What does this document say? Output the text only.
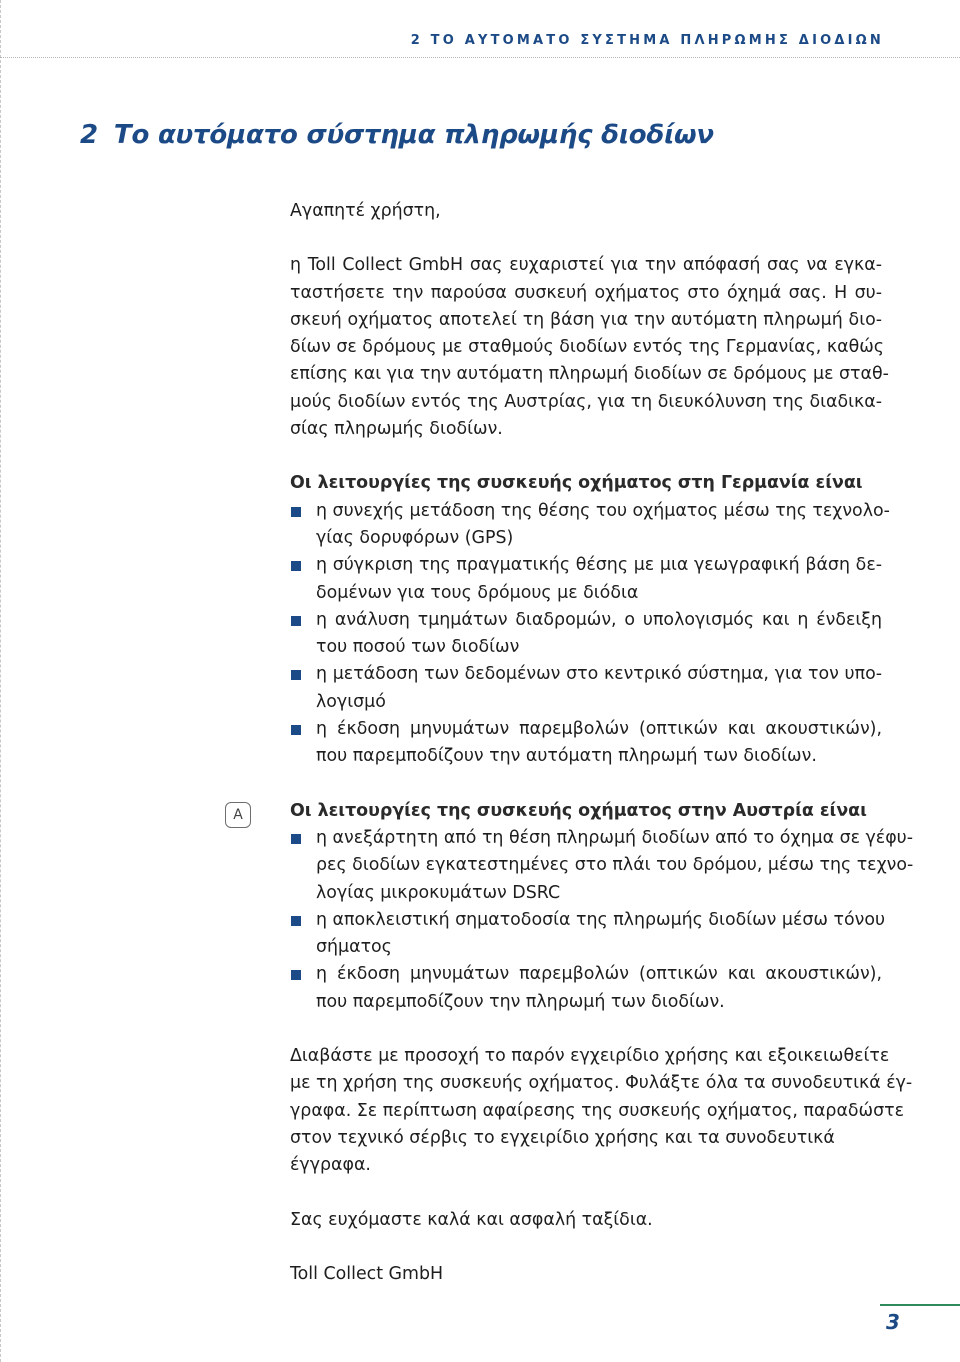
2 ΤΟ ΑΥΤΟΜΑΤΟ ΣΥΣΤΗΜΑ ΠΛΗΡΩΜΗΣ ΔΙΟΔΙΩΝ
2 Το αυτόματο σύστημα πληρωμής διοδίων
A

Αγαπητέ χρήστη,

η Toll Collect GmbH σας ευχαριστεί για την απόφασή σας να εγκα-
ταστήσετε την παρούσα συσκευή οχήματος στο όχημά σας. Η συ-
σκευή οχήματος αποτελεί τη βάση για την αυτόματη πληρωμή διο-
δίων σε δρόμους με σταθμούς διοδίων εντός της Γερμανίας, καθώς
επίσης και για την αυτόματη πληρωμή διοδίων σε δρόμους με σταθ-
μούς διοδίων εντός της Αυστρίας, για τη διευκόλυνση της διαδικα-
σίας πληρωμής διοδίων.
Οι λειτουργίες της συσκευής οχήματος στη Γερμανία είναι
η συνεχής μετάδοση της θέσης του οχήματος μέσω της τεχνολο-
γίας δορυφόρων (GPS)
η σύγκριση της πραγματικής θέσης με μια γεωγραφική βάση δε-
δομένων για τους δρόμους με διόδια
η ανάλυση τμημάτων διαδρομών, ο υπολογισμός και η ένδειξη
του ποσού των διοδίων
η μετάδοση των δεδομένων στο κεντρικό σύστημα, για τον υπο-
λογισμό
η έκδοση μηνυμάτων παρεμβολών (οπτικών και ακουστικών),
που παρεμποδίζουν την αυτόματη πληρωμή των διοδίων.
Οι λειτουργίες της συσκευής οχήματος στην Αυστρία είναι
η ανεξάρτητη από τη θέση πληρωμή διοδίων από το όχημα σε γέφυ-
ρες διοδίων εγκατεστημένες στο πλάι του δρόμου, μέσω της τεχνο-
λογίας μικροκυμάτων DSRC
η αποκλειστική σηματοδοσία της πληρωμής διοδίων μέσω τόνου
σήματος
η έκδοση μηνυμάτων παρεμβολών (οπτικών και ακουστικών),
που παρεμποδίζουν την πληρωμή των διοδίων.
Διαβάστε με προσοχή το παρόν εγχειρίδιο χρήσης και εξοικειωθείτε
με τη χρήση της συσκευής οχήματος. Φυλάξτε όλα τα συνοδευτικά έγ-
γραφα. Σε περίπτωση αφαίρεσης της συσκευής οχήματος, παραδώστε
στον τεχνικό σέρβις το εγχειρίδιο χρήσης και τα συνοδευτικά έγγραφα.

Σας ευχόμαστε καλά και ασφαλή ταξίδια.

Toll Collect GmbH

3
